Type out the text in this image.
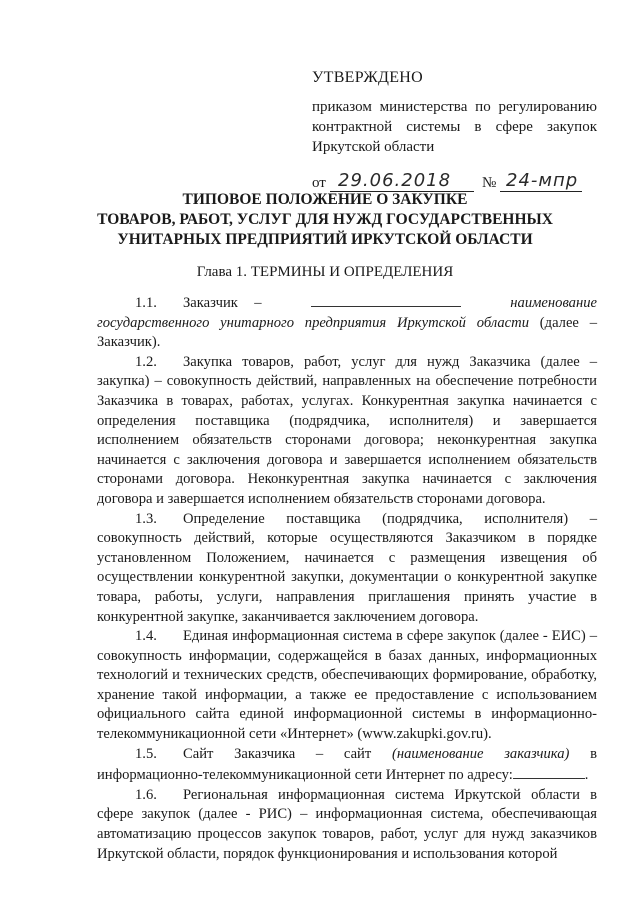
УТВЕРЖДЕНО
приказом министерства по регулированию контрактной системы в сфере закупок Иркутской области
от 29.06.2018 № 24-мпр
ТИПОВОЕ ПОЛОЖЕНИЕ О ЗАКУПКЕ
ТОВАРОВ, РАБОТ, УСЛУГ ДЛЯ НУЖД ГОСУДАРСТВЕННЫХ
УНИТАРНЫХ ПРЕДПРИЯТИЙ ИРКУТСКОЙ ОБЛАСТИ
Глава 1. ТЕРМИНЫ И ОПРЕДЕЛЕНИЯ
1.1. Заказчик –	наименование государственного унитарного предприятия Иркутской области (далее – Заказчик).
1.2. Закупка товаров, работ, услуг для нужд Заказчика (далее – закупка) – совокупность действий, направленных на обеспечение потребности Заказчика в товарах, работах, услугах. Конкурентная закупка начинается с определения поставщика (подрядчика, исполнителя) и завершается исполнением обязательств сторонами договора; неконкурентная закупка начинается с заключения договора и завершается исполнением обязательств сторонами договора. Неконкурентная закупка начинается с заключения договора и завершается исполнением обязательств сторонами договора.
1.3. Определение поставщика (подрядчика, исполнителя) – совокупность действий, которые осуществляются Заказчиком в порядке установленном Положением, начинается с размещения извещения об осуществлении конкурентной закупки, документации о конкурентной закупке товара, работы, услуги, направления приглашения принять участие в конкурентной закупке, заканчивается заключением договора.
1.4. Единая информационная система в сфере закупок (далее - ЕИС) – совокупность информации, содержащейся в базах данных, информационных технологий и технических средств, обеспечивающих формирование, обработку, хранение такой информации, а также ее предоставление с использованием официального сайта единой информационной системы в информационно-телекоммуникационной сети «Интернет» (www.zakupki.gov.ru).
1.5. Сайт Заказчика – сайт (наименование заказчика) в информационно-телекоммуникационной сети Интернет по адресу:	.
1.6. Региональная информационная система Иркутской области в сфере закупок (далее - РИС) – информационная система, обеспечивающая автоматизацию процессов закупок товаров, работ, услуг для нужд заказчиков Иркутской области, порядок функционирования и использования которой
